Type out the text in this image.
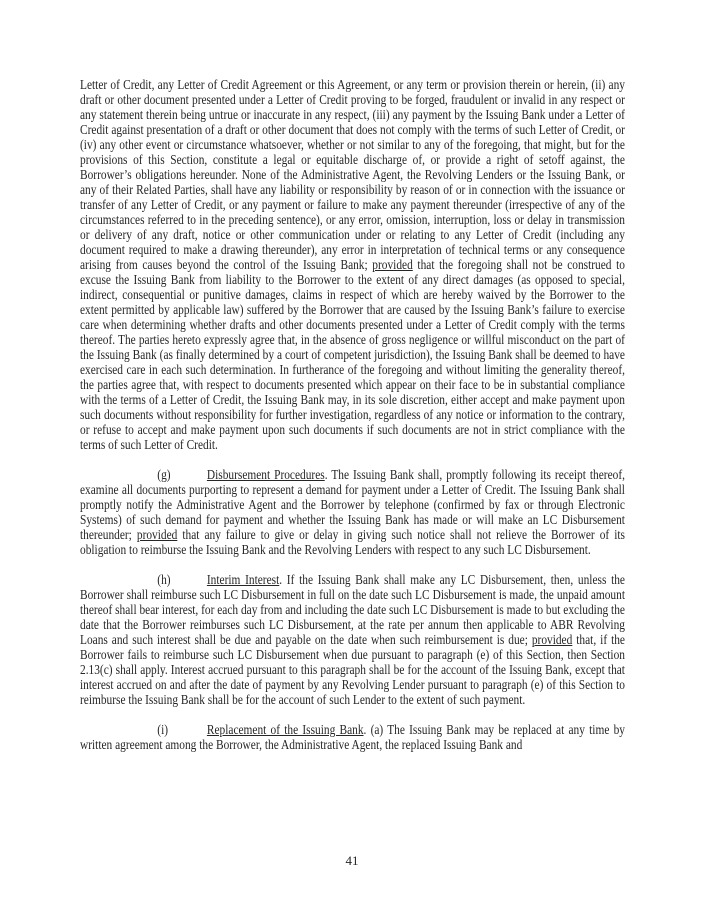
Letter of Credit, any Letter of Credit Agreement or this Agreement, or any term or provision therein or herein, (ii) any draft or other document presented under a Letter of Credit proving to be forged, fraudulent or invalid in any respect or any statement therein being untrue or inaccurate in any respect, (iii) any payment by the Issuing Bank under a Letter of Credit against presentation of a draft or other document that does not comply with the terms of such Letter of Credit, or (iv) any other event or circumstance whatsoever, whether or not similar to any of the foregoing, that might, but for the provisions of this Section, constitute a legal or equitable discharge of, or provide a right of setoff against, the Borrower’s obligations hereunder. None of the Administrative Agent, the Revolving Lenders or the Issuing Bank, or any of their Related Parties, shall have any liability or responsibility by reason of or in connection with the issuance or transfer of any Letter of Credit, or any payment or failure to make any payment thereunder (irrespective of any of the circumstances referred to in the preceding sentence), or any error, omission, interruption, loss or delay in transmission or delivery of any draft, notice or other communication under or relating to any Letter of Credit (including any document required to make a drawing thereunder), any error in interpretation of technical terms or any consequence arising from causes beyond the control of the Issuing Bank; provided that the foregoing shall not be construed to excuse the Issuing Bank from liability to the Borrower to the extent of any direct damages (as opposed to special, indirect, consequential or punitive damages, claims in respect of which are hereby waived by the Borrower to the extent permitted by applicable law) suffered by the Borrower that are caused by the Issuing Bank’s failure to exercise care when determining whether drafts and other documents presented under a Letter of Credit comply with the terms thereof. The parties hereto expressly agree that, in the absence of gross negligence or willful misconduct on the part of the Issuing Bank (as finally determined by a court of competent jurisdiction), the Issuing Bank shall be deemed to have exercised care in each such determination. In furtherance of the foregoing and without limiting the generality thereof, the parties agree that, with respect to documents presented which appear on their face to be in substantial compliance with the terms of a Letter of Credit, the Issuing Bank may, in its sole discretion, either accept and make payment upon such documents without responsibility for further investigation, regardless of any notice or information to the contrary, or refuse to accept and make payment upon such documents if such documents are not in strict compliance with the terms of such Letter of Credit.

(g)	Disbursement Procedures. The Issuing Bank shall, promptly following its receipt thereof, examine all documents purporting to represent a demand for payment under a Letter of Credit. The Issuing Bank shall promptly notify the Administrative Agent and the Borrower by telephone (confirmed by fax or through Electronic Systems) of such demand for payment and whether the Issuing Bank has made or will make an LC Disbursement thereunder; provided that any failure to give or delay in giving such notice shall not relieve the Borrower of its obligation to reimburse the Issuing Bank and the Revolving Lenders with respect to any such LC Disbursement.

(h)	Interim Interest. If the Issuing Bank shall make any LC Disbursement, then, unless the Borrower shall reimburse such LC Disbursement in full on the date such LC Disbursement is made, the unpaid amount thereof shall bear interest, for each day from and including the date such LC Disbursement is made to but excluding the date that the Borrower reimburses such LC Disbursement, at the rate per annum then applicable to ABR Revolving Loans and such interest shall be due and payable on the date when such reimbursement is due; provided that, if the Borrower fails to reimburse such LC Disbursement when due pursuant to paragraph (e) of this Section, then Section 2.13(c) shall apply. Interest accrued pursuant to this paragraph shall be for the account of the Issuing Bank, except that interest accrued on and after the date of payment by any Revolving Lender pursuant to paragraph (e) of this Section to reimburse the Issuing Bank shall be for the account of such Lender to the extent of such payment.

(i)	Replacement of the Issuing Bank. (a) The Issuing Bank may be replaced at any time by written agreement among the Borrower, the Administrative Agent, the replaced Issuing Bank and

41
